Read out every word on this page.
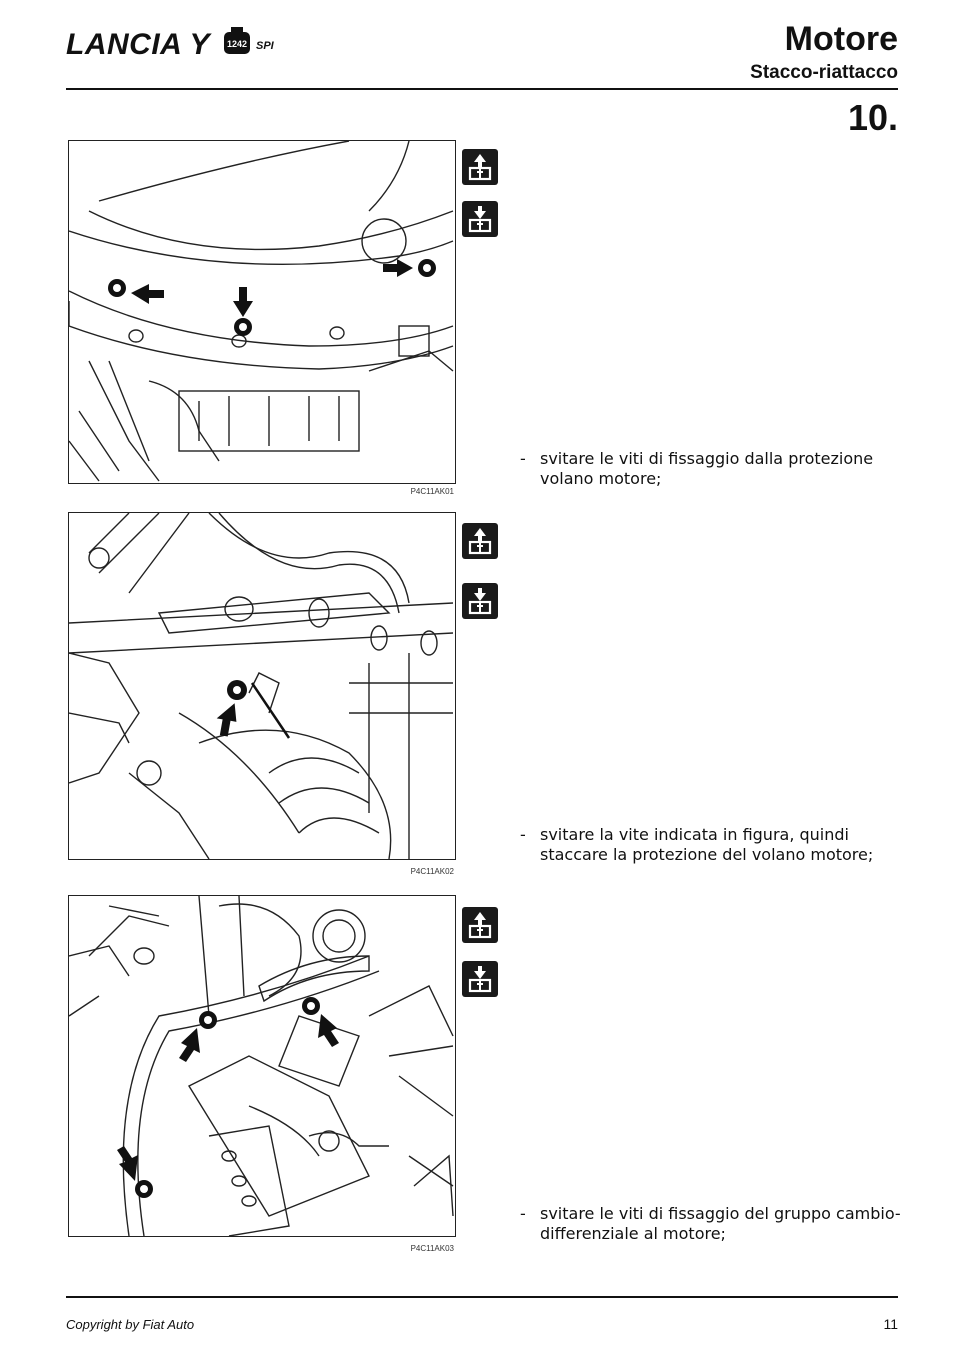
LANCIA Y 1242 SPI	Motore
Stacco-riattacco
10.
P4C11AK01
- svitare le viti di fissaggio dalla protezione volano motore;
P4C11AK02
- svitare la vite indicata in figura, quindi staccare la protezione del volano motore;
P4C11AK03
- svitare le viti di fissaggio del gruppo cambio-differenziale al motore;
Copyright by Fiat Auto	11
